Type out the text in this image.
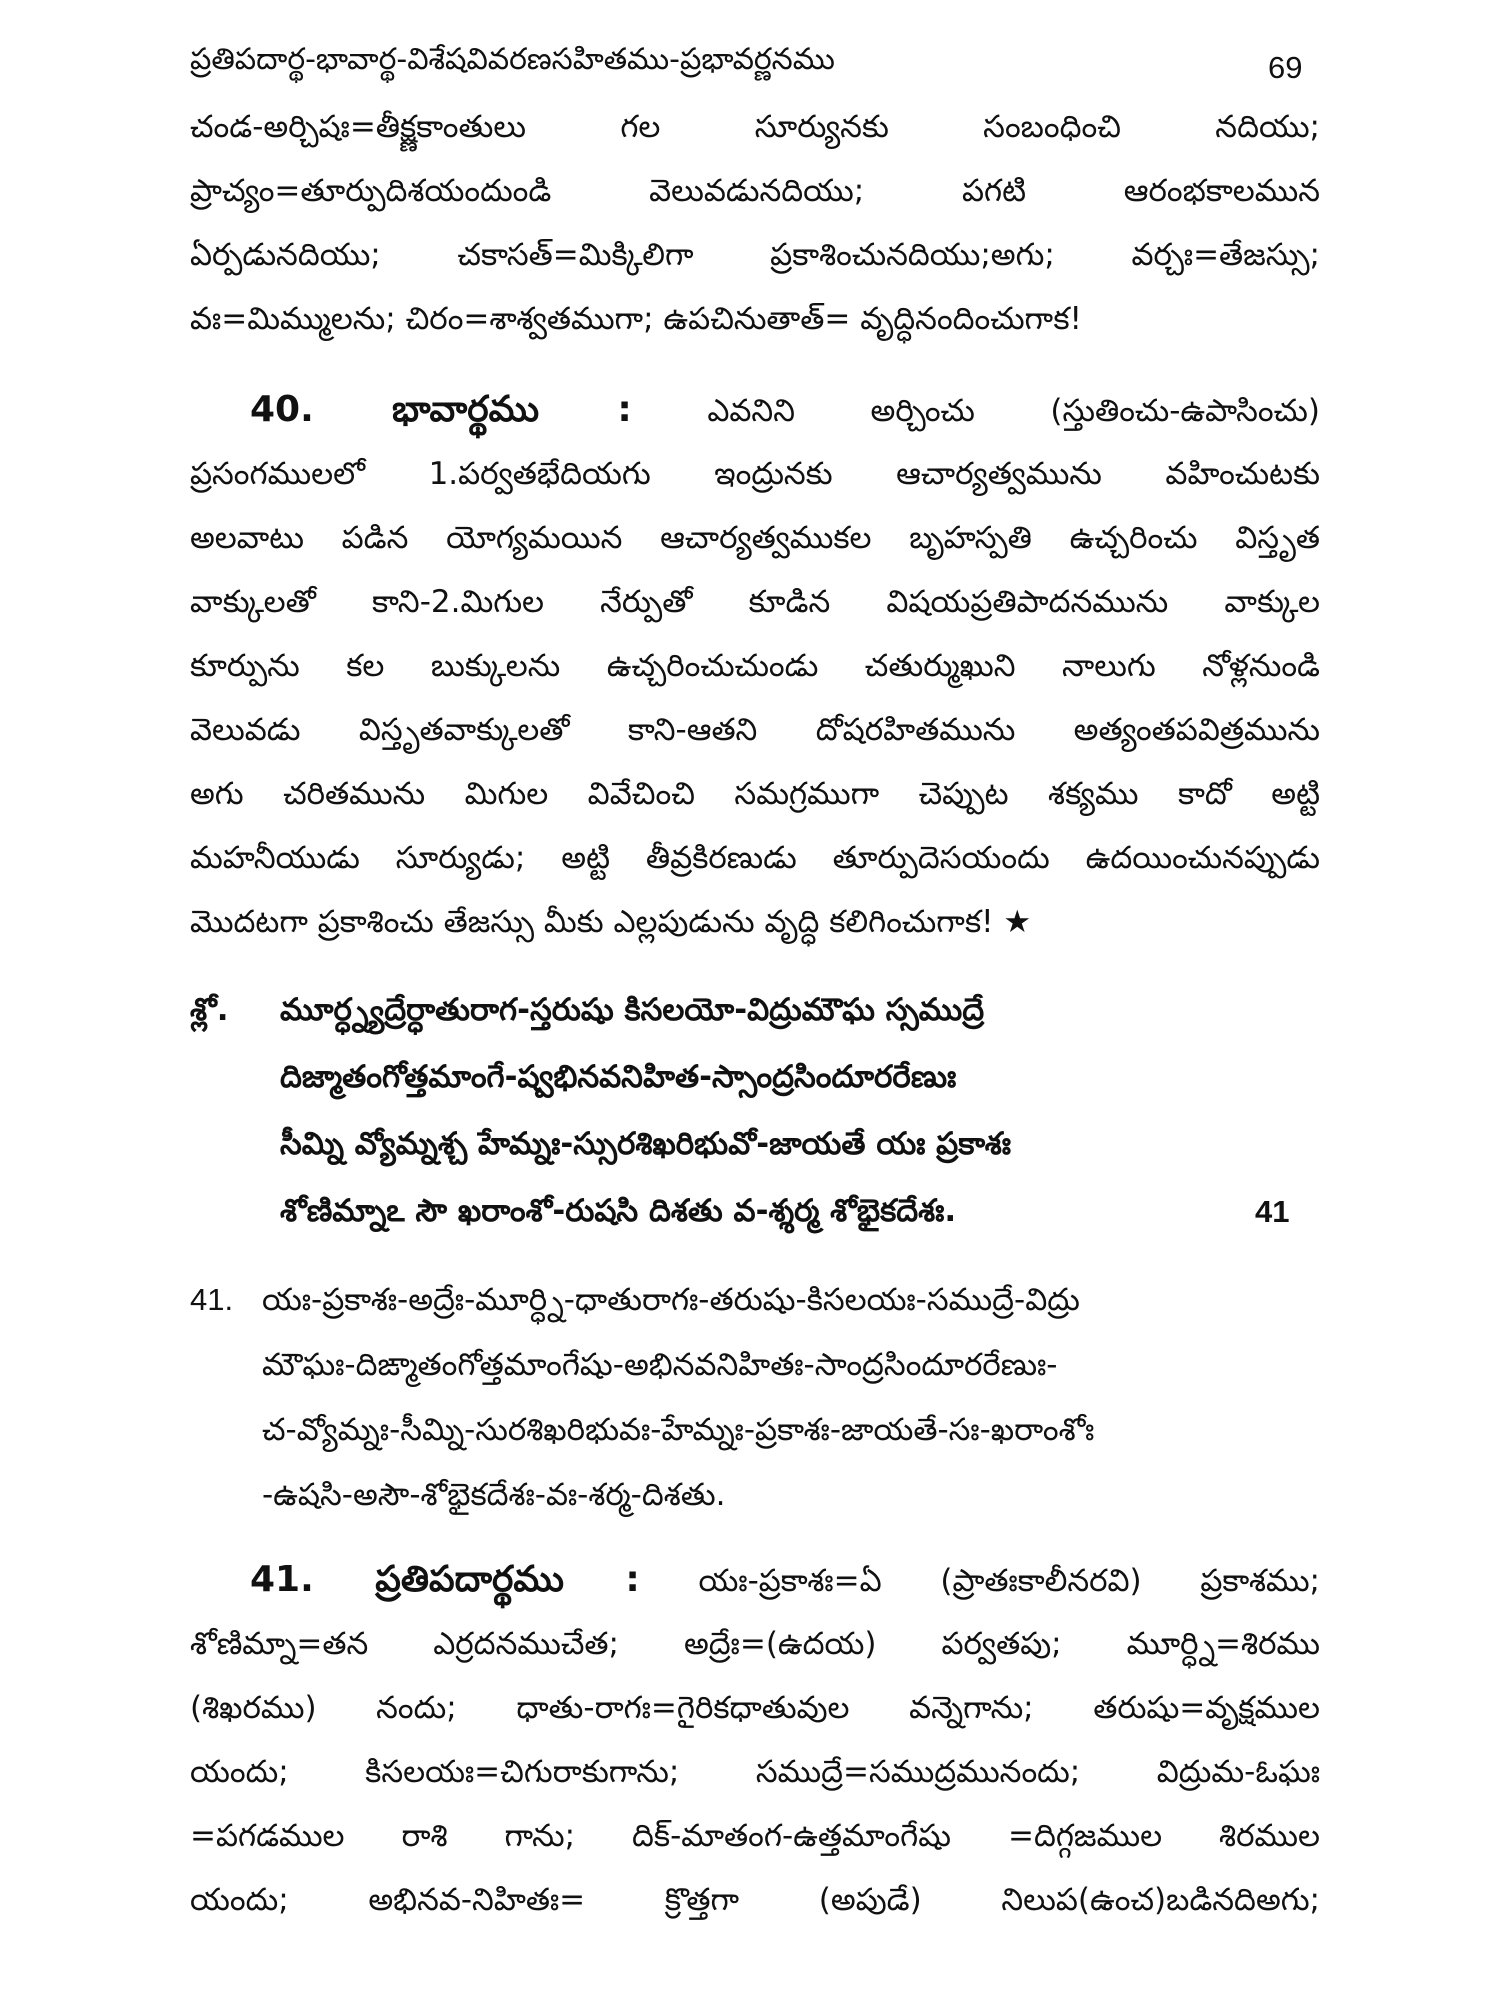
ప్రతిపదార్థ-భావార్థ-విశేషవివరణసహితము-ప్రభావర్ణనము	69
చండ-అర్చిషః=తీక్ష్ణకాంతులు గల సూర్యునకు సంబంధించి నదియు;
ప్రాచ్యం=తూర్పుదిశయందుండి వెలువడునదియు; పగటి ఆరంభకాలమున
ఏర్పడునదియు; చకాసత్=మిక్కిలిగా ప్రకాశించునదియు;అగు; వర్చః=తేజస్సు;
వః=మిమ్ములను; చిరం=శాశ్వతముగా; ఉపచినుతాత్= వృద్ధినందించుగాక!
40. భావార్థము : ఎవనిని అర్చించు (స్తుతించు-ఉపాసించు)
ప్రసంగములలో 1.పర్వతభేదియగు ఇంద్రునకు ఆచార్యత్వమును వహించుటకు
అలవాటు పడిన యోగ్యమయిన ఆచార్యత్వముకల బృహస్పతి ఉచ్చరించు విస్తృత
వాక్కులతో కాని-2.మిగుల నేర్పుతో కూడిన విషయప్రతిపాదనమును వాక్కుల
కూర్పును కల బుక్కులను ఉచ్చరించుచుండు చతుర్ముఖుని నాలుగు నోళ్లనుండి
వెలువడు విస్తృతవాక్కులతో కాని-ఆతని దోషరహితమును అత్యంతపవిత్రమును
అగు చరితమును మిగుల వివేచించి సమగ్రముగా చెప్పుట శక్యము కాదో అట్టి
మహనీయుడు సూర్యుడు; అట్టి తీవ్రకిరణుడు తూర్పుదెసయందు ఉదయించునప్పుడు
మొదటగా ప్రకాశించు తేజస్సు మీకు ఎల్లపుడును వృద్ధి కలిగించుగాక! ★
శ్లో. మూర్ధ్న్యద్రేర్ధాతురాగ-స్తరుషు కిసలయో-విద్రుమౌఘ స్సముద్రే
దిజ్మాతంగోత్తమాంగే-ష్వభినవనిహిత-స్సాంద్రసిందూరరేణుః
సీమ్ని వ్యోమ్నశ్చ హేమ్నః-స్సురశిఖరిభువో-జాయతే యః ప్రకాశః
శోణిమ్నాఽ సౌ ఖరాంశో-రుషసి దిశతు వ-శ్శర్మ శోభైకదేశః.	41
41. యః-ప్రకాశః-అద్రేః-మూర్ధ్ని-ధాతురాగః-తరుషు-కిసలయః-సముద్రే-విద్రు
మౌఘః-దిఙ్మాతంగోత్తమాంగేషు-అభినవనిహితః-సాంద్రసిందూరరేణుః-
చ-వ్యోమ్నః-సీమ్ని-సురశిఖరిభువః-హేమ్నః-ప్రకాశః-జాయతే-సః-ఖరాంశోః
-ఉషసి-అసౌ-శోభైకదేశః-వః-శర్మ-దిశతు.
41. ప్రతిపదార్థము : యః-ప్రకాశః=ఏ (ప్రాతఃకాలీనరవి) ప్రకాశము;
శోణిమ్నా=తన ఎర్రదనముచేత; అద్రేః=(ఉదయ) పర్వతపు; మూర్ధ్ని=శిరము
(శిఖరము) నందు; ధాతు-రాగః=గైరికధాతువుల వన్నెగాను; తరుషు=వృక్షముల
యందు; కిసలయః=చిగురాకుగాను; సముద్రే=సముద్రమునందు; విద్రుమ-ఓఘః
=పగడముల రాశి గాను; దిక్-మాతంగ-ఉత్తమాంగేషు =దిగ్గజముల శిరముల
యందు; అభినవ-నిహితః= క్రొత్తగా (అపుడే) నిలుప(ఉంచ)బడినదిఅగు;
